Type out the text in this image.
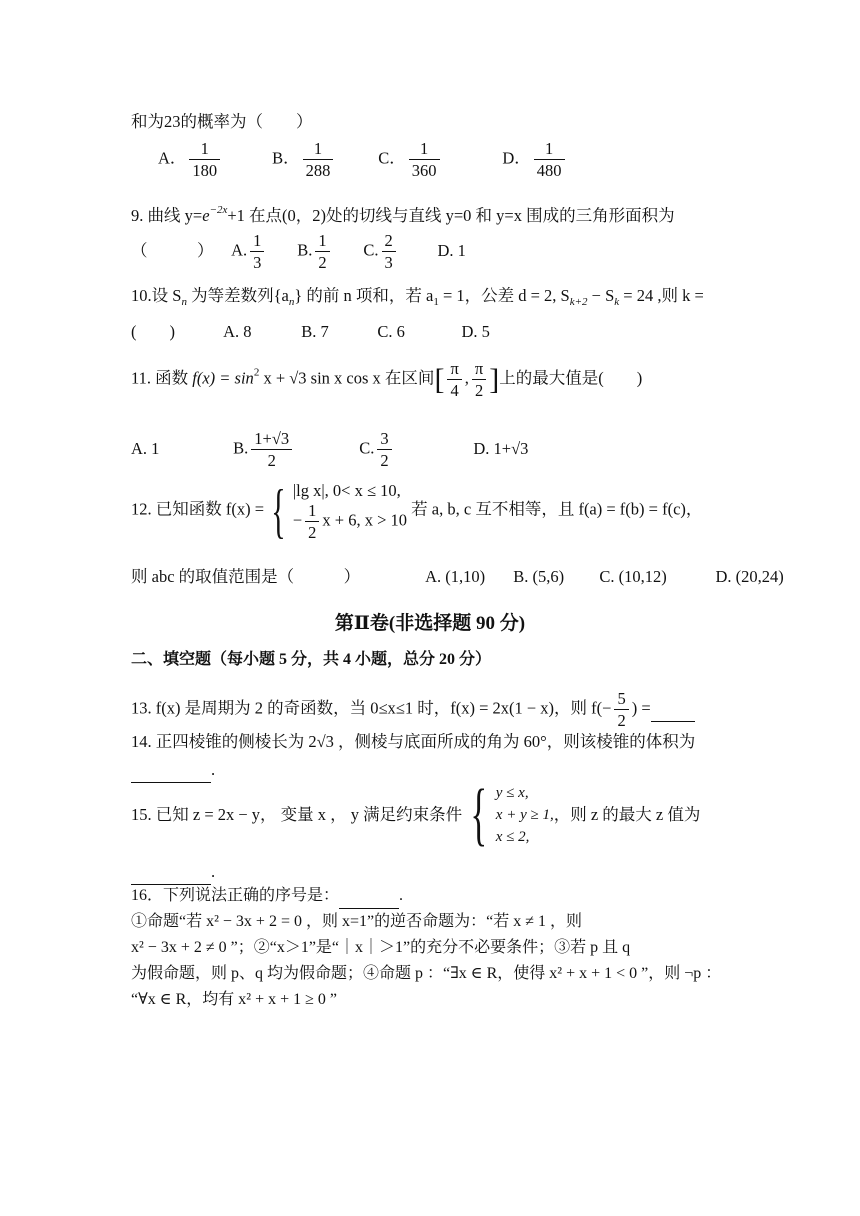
和为23的概率为（　　）
A． $\frac{1}{180}$	B． $\frac{1}{288}$	C． $\frac{1}{360}$	D． $\frac{1}{480}$
9. 曲线 $y=e^{-2x}+1$ 在点(0，2)处的切线与直线 y=0 和 y=x 围成的三角形面积为
（　　　） A. $\frac{1}{3} B$. $\frac{1}{2} C$. $\frac{2}{3}$	D. 1
10.设 $S_n$ 为等差数列$\{a_n\}$ 的前 n 项和，若 $a_1 = 1$，公差 d = 2, $S_{k+2} - S_k = 24$ ,则 k =
(　　)	A. 8	B. 7	C. 6	D. 5
11. 函数 $f(x) = \sin^2 x + √3$ sin x cos x 在区间[ $\frac{\pi}{4}$ , $\frac{\pi}{2}$ ]上的最大值是(　　)
A. 1	B. $\frac{1+√3}{2}$	C. $\frac{3}{2}$	D. 1+√3
12. 已知函数 f(x) = { |lg x|, 0< x ≤ 10,
− $\frac{1}{2}$ x + 6, x > 10
若 a, b, c 互不相等，且 f(a) = f(b) = f(c)，
则 abc 的取值范围是（　　　）	A. (1,10) B. (5,6) C. (10,12)	D. (20,24)
第Ⅱ卷(非选择题 90 分)
二、填空题（每小题 5 分，共 4 小题，总分 20 分）
13. f(x) 是周期为 2 的奇函数，当 0≤x≤1 时，f(x) = 2x(1 − x)，则 $f(- \frac{5}{2}$ ) =
14. 正四棱锥的侧棱长为 2√3 ，侧棱与底面所成的角为 60°，则该棱锥的体积为
.
15. 已知 z = 2x − y， 变量 x ， y 满足约束条件 { y ≤ x,
x + y ≥ 1,
x ≤ 2,
，则 z 的最大 z 值为
.
16．下列说法正确的序号是：	.
①命题“若 x² − 3x + 2 = 0 ，则 x=1”的逆否命题为：“若 x ≠ 1 ，则
x² − 3x + 2 ≠ 0 ”；②“x＞1”是“｜x｜＞1”的充分不必要条件；③若 p 且 q
为假命题，则 p、q 均为假命题；④命题 p ：“∃x ∈ R，使得 x² + x + 1 < 0 ”，则 ¬p ：
“∀x ∈ R，均有 x² + x + 1 ≥ 0 ”
